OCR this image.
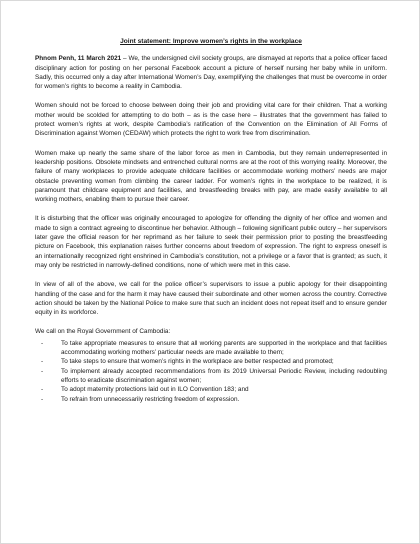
Joint statement: Improve women’s rights in the workplace

Phnom Penh, 11 March 2021 – We, the undersigned civil society groups, are dismayed at reports that a police officer faced disciplinary action for posting on her personal Facebook account a picture of herself nursing her baby while in uniform. Sadly, this occurred only a day after International Women’s Day, exemplifying the challenges that must be overcome in order for women’s rights to become a reality in Cambodia.

Women should not be forced to choose between doing their job and providing vital care for their children. That a working mother would be scolded for attempting to do both – as is the case here – illustrates that the government has failed to protect women’s rights at work, despite Cambodia’s ratification of the Convention on the Elimination of All Forms of Discrimination against Women (CEDAW) which protects the right to work free from discrimination.

Women make up nearly the same share of the labor force as men in Cambodia, but they remain underrepresented in leadership positions. Obsolete mindsets and entrenched cultural norms are at the root of this worrying reality. Moreover, the failure of many workplaces to provide adequate childcare facilities or accommodate working mothers’ needs are major obstacle preventing women from climbing the career ladder. For women’s rights in the workplace to be realized, it is paramount that childcare equipment and facilities, and breastfeeding breaks with pay, are made easily available to all working mothers, enabling them to pursue their career.

It is disturbing that the officer was originally encouraged to apologize for offending the dignity of her office and women and made to sign a contract agreeing to discontinue her behavior. Although – following significant public outcry – her supervisors later gave the official reason for her reprimand as her failure to seek their permission prior to posting the breastfeeding picture on Facebook, this explanation raises further concerns about freedom of expression. The right to express oneself is an internationally recognized right enshrined in Cambodia’s constitution, not a privilege or a favor that is granted; as such, it may only be restricted in narrowly-defined conditions, none of which were met in this case.

In view of all of the above, we call for the police officer’s supervisors to issue a public apology for their disappointing handling of the case and for the harm it may have caused their subordinate and other women across the country. Corrective action should be taken by the National Police to make sure that such an incident does not repeat itself and to ensure gender equity in its workforce.

We call on the Royal Government of Cambodia:
-	To take appropriate measures to ensure that all working parents are supported in the workplace and that facilities accommodating working mothers’ particular needs are made available to them;
-	To take steps to ensure that women’s rights in the workplace are better respected and promoted;
-	To implement already accepted recommendations from its 2019 Universal Periodic Review, including redoubling efforts to eradicate discrimination against women;
-	To adopt maternity protections laid out in ILO Convention 183; and
-	To refrain from unnecessarily restricting freedom of expression.
